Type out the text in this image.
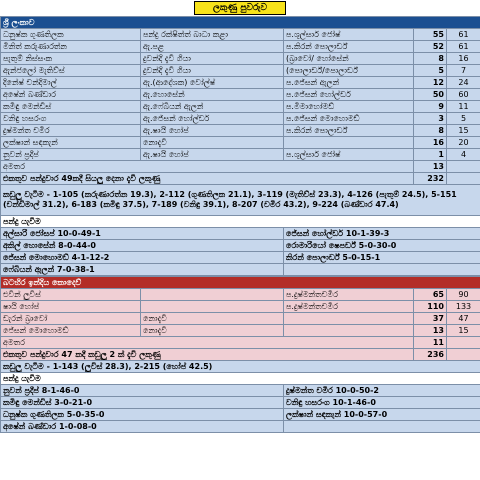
ලකුණු පුවරුව
ශ්‍රී ලංකාව				
ධනුෂ්ක ගුණතිලක	පන්දු රක්ෂිත්ත් බාධා කළා	ප.ශුල්සාර් ජෝෂ්	55	61
මිනිත් කරුණාරත්න	ඇ.පළ	ප.කිරන් පොලාර්ඩ්	52	61
පැතුම් නිස්සංක	දුවන්දි දැවී ගියා	(බ්‍රාවෝ/ හෝසේන්	8	16
ඇන්ජලෝ මැතිව්ස්	දුවන්දි දැවී ගියා	(පොලාර්ඩ්/පොලාර්ඩ්	5	7
දිනේෂ් චන්දිමාල්	ඇ.(ආදේශක) වෝල්ෂ්	ප.ජේසන් ඇලන්	12	24
අෂේන් බණ්ඩාර	ඇ.හොසේන්	ප.ජේසන් හෝල්ඩර්	50	60
කමිඳු මෙන්ඩිස්	ඇ.ෆේබියන් ඇලන්	ප.මිමාහෝමඩ්	9	11
වනිඳු හසරංග	ඇ.ජේසන් හෝල්ඩර්	ප.ජේසන් මොහොමඩ්	3	5
දුෂ්මන්ත චමීර	ඇ.ෂායි හෝප්	ප.කිරන් පොලාර්ඩ්	8	15
ලක්ෂාන් සඳකැන්	නොදැවී		16	20
නුවන් ප්‍රදීප්	ඇ.ෂායි හෝප්	ප.ශුල්සාර් ජෝෂ්	1	4
අමතර			13	
එකතුව පන්දුවාර 49කදී සියලු දෙනා දැවී ලකුණු			232	
කඩුලු වැටීම - 1-105 (කරුණාරත්න 19.3), 2-112 (ගුණතිලක 21.1), 3-119 (මැතිව්ස් 23.3), 4-126 (පැතුම් 24.5), 5-151 (චන්ඩිමාල් 31.2), 6-183 (කමිඳු 37.5), 7-189 (වනිඳු 39.1), 8-207 (චමීර 43.2), 9-224 (බණ්ඩාර 47.4)				
පන්දු යැවීම				
අල්සාරි ජෝසප් 10-0-49-1		ජේසන් හෝල්ඩර් 10-1-39-3		
අකිල් හොසේන් 8-0-44-0		රොමාරියෝ ෂෙපර්ඩ් 5-0-30-0		
ජේසන් මොහොමඩ් 4-1-12-2		කිරන් පොලාර්ඩ් 5-0-15-1		
ෆේබියන් ඇලන් 7-0-38-1				
බටහිර ඉන්දිය කොදෙව්				
එවින් ලුවිස්		ප.දුෂ්මන්තචමීර	65	90
ෂායි හෝප්		ප.දුෂ්මන්තචමීර	110	133
ඩැරන් බ්‍රාවෝ	නොදැවී		37	47
ජේසන් මොහොමඩ්	නොදැවී		13	15
අමතර			11	
එකතුව පන්දුවාර 47 කදී කඩුලු 2 ක් දැවී ලකුණු			236	
කඩුලු වැටීම - 1-143 (ලුවිස් 28.3), 2-215 (හෝප් 42.5)				
පන්දු යැවීම				
නුවන් ප්‍රදීප් 8-1-46-0		දුෂ්මන්ත චමීර 10-0-50-2		
කමිඳු මෙන්ඩිස් 3-0-21-0		වනිඳු හසරංග 10-1-46-0		
ධනුෂ්ක ගුණතිලක 5-0-35-0		ලක්ෂාන් සඳකැන් 10-0-57-0		
අෂේන් බණ්ඩාර 1-0-08-0				
